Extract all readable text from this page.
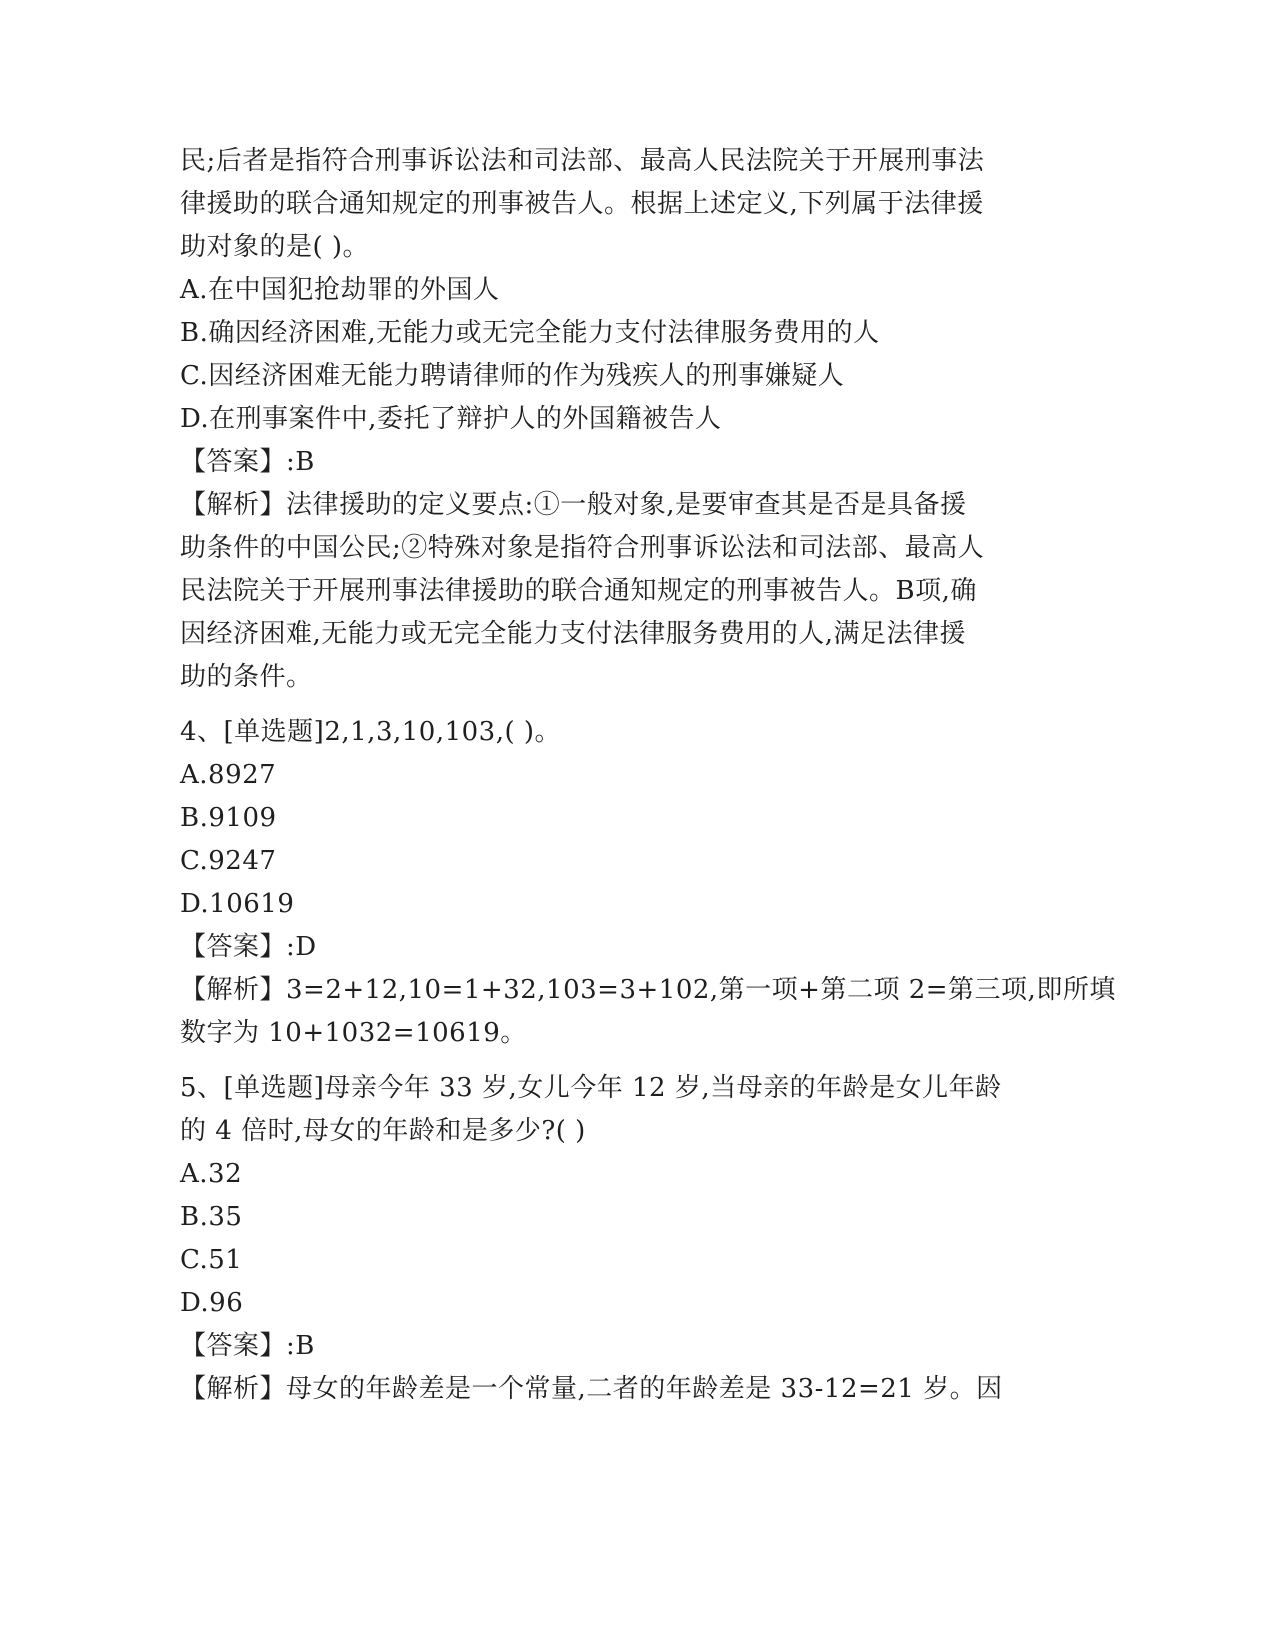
民;后者是指符合刑事诉讼法和司法部、最高人民法院关于开展刑事法
律援助的联合通知规定的刑事被告人。根据上述定义,下列属于法律援
助对象的是( )。
A.在中国犯抢劫罪的外国人
B.确因经济困难,无能力或无完全能力支付法律服务费用的人
C.因经济困难无能力聘请律师的作为残疾人的刑事嫌疑人
D.在刑事案件中,委托了辩护人的外国籍被告人
【答案】:B
【解析】法律援助的定义要点:①一般对象,是要审查其是否是具备援
助条件的中国公民;②特殊对象是指符合刑事诉讼法和司法部、最高人
民法院关于开展刑事法律援助的联合通知规定的刑事被告人。B项,确
因经济困难,无能力或无完全能力支付法律服务费用的人,满足法律援
助的条件。
4、[单选题]2,1,3,10,103,( )。
A.8927
B.9109
C.9247
D.10619
【答案】:D
【解析】3=2+12,10=1+32,103=3+102,第一项+第二项 2=第三项,即所填
数字为 10+1032=10619。
5、[单选题]母亲今年 33 岁,女儿今年 12 岁,当母亲的年龄是女儿年龄
的 4 倍时,母女的年龄和是多少?( )
A.32
B.35
C.51
D.96
【答案】:B
【解析】母女的年龄差是一个常量,二者的年龄差是 33-12=21 岁。因
